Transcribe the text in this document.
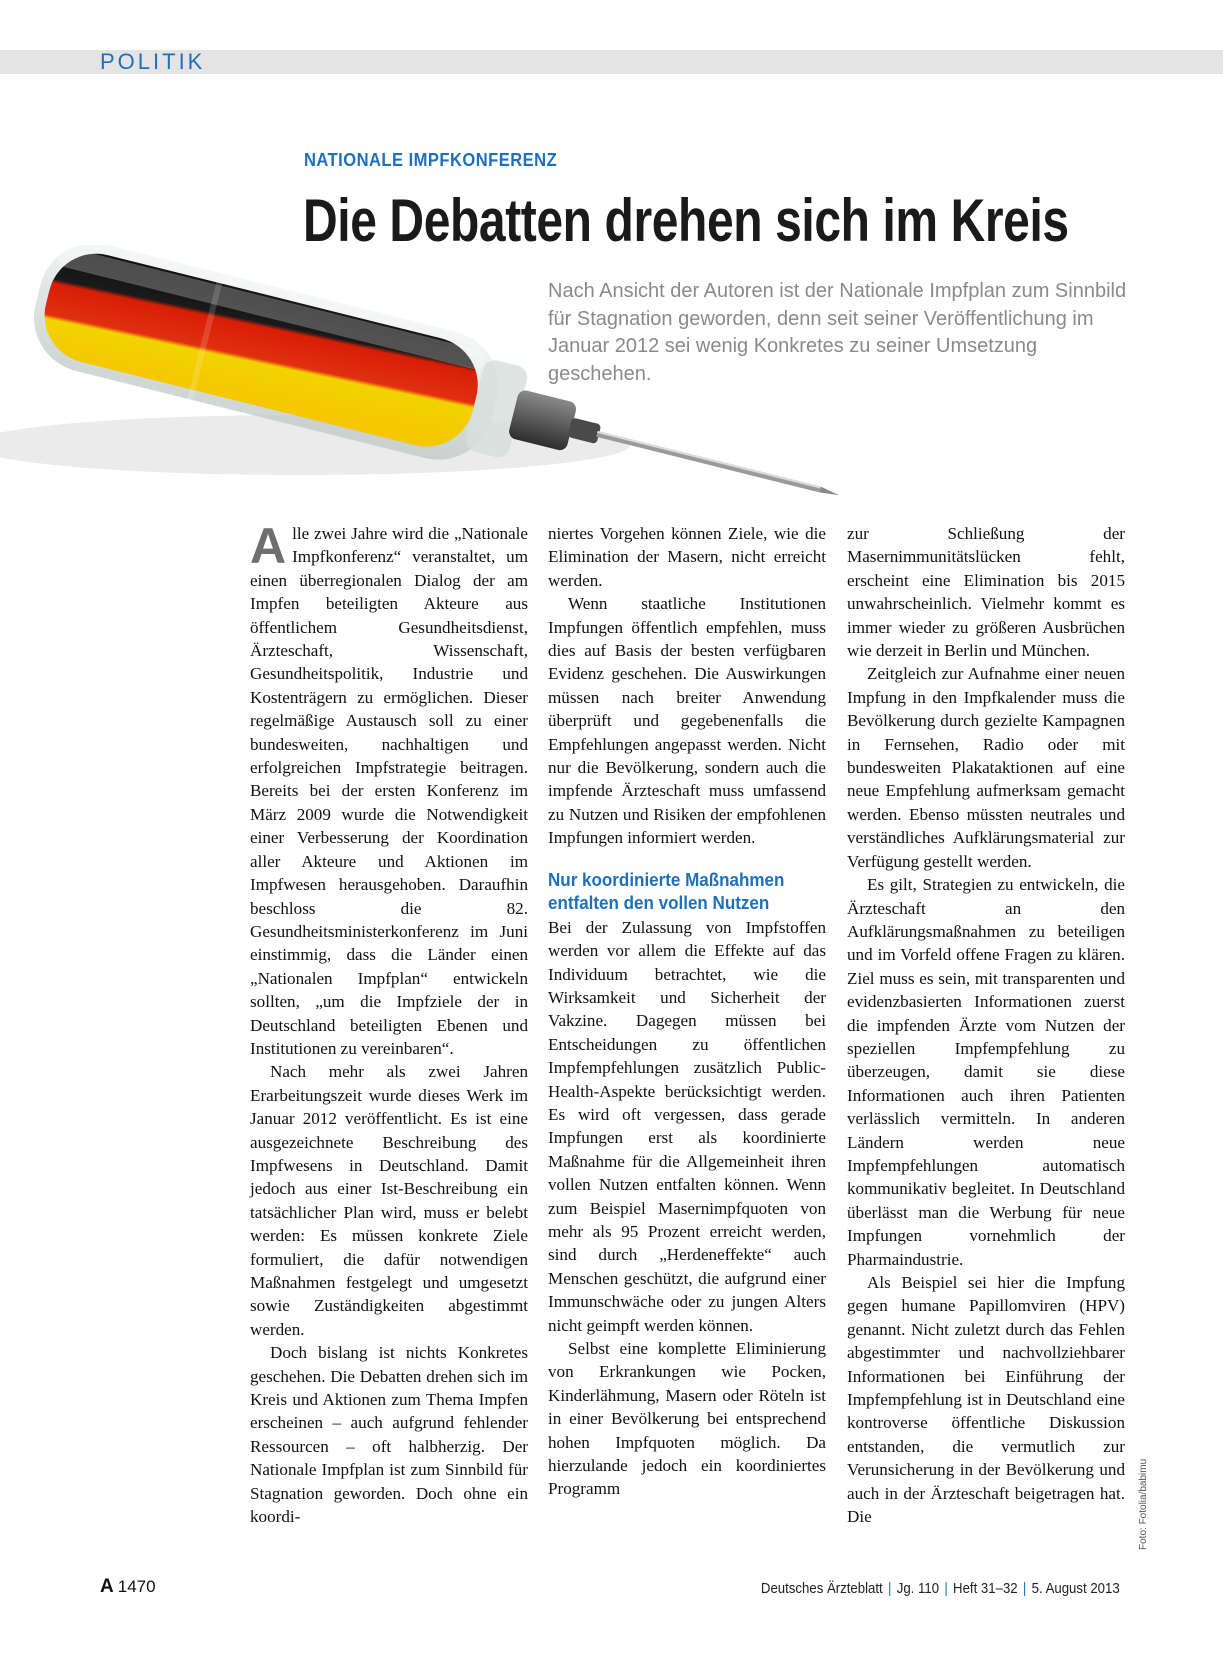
POLITIK
NATIONALE IMPFKONFERENZ
Die Debatten drehen sich im Kreis
Nach Ansicht der Autoren ist der Nationale Impfplan zum Sinnbild für Stagnation geworden, denn seit seiner Veröffentlichung im Januar 2012 sei wenig Konkretes zu seiner Umsetzung geschehen.

Alle zwei Jahre wird die „Nationale Impfkonferenz“ veranstaltet, um einen überregionalen Dialog der am Impfen beteiligten Akteure aus öffentlichem Gesundheitsdienst, Ärzteschaft, Wissenschaft, Gesundheitspolitik, Industrie und Kostenträgern zu ermöglichen. Dieser regelmäßige Austausch soll zu einer bundesweiten, nachhaltigen und erfolgreichen Impfstrategie beitragen. Bereits bei der ersten Konferenz im März 2009 wurde die Notwendigkeit einer Verbesserung der Koordination aller Akteure und Aktionen im Impfwesen herausgehoben. Daraufhin beschloss die 82. Gesundheitsministerkonferenz im Juni einstimmig, dass die Länder einen „Nationalen Impfplan“ entwickeln sollten, „um die Impfziele der in Deutschland beteiligten Ebenen und Institutionen zu vereinbaren“.

Nach mehr als zwei Jahren Erarbeitungszeit wurde dieses Werk im Januar 2012 veröffentlicht. Es ist eine ausgezeichnete Beschreibung des Impfwesens in Deutschland. Damit jedoch aus einer Ist-Beschreibung ein tatsächlicher Plan wird, muss er belebt werden: Es müssen konkrete Ziele formuliert, die dafür notwendigen Maßnahmen festgelegt und umgesetzt sowie Zuständigkeiten abgestimmt werden.

Doch bislang ist nichts Konkretes geschehen. Die Debatten drehen sich im Kreis und Aktionen zum Thema Impfen erscheinen – auch aufgrund fehlender Ressourcen – oft halbherzig. Der Nationale Impfplan ist zum Sinnbild für Stagnation geworden. Doch ohne ein koordi-

niertes Vorgehen können Ziele, wie die Elimination der Masern, nicht erreicht werden.

Wenn staatliche Institutionen Impfungen öffentlich empfehlen, muss dies auf Basis der besten verfügbaren Evidenz geschehen. Die Auswirkungen müssen nach breiter Anwendung überprüft und gegebenenfalls die Empfehlungen angepasst werden. Nicht nur die Bevölkerung, sondern auch die impfende Ärzteschaft muss umfassend zu Nutzen und Risiken der empfohlenen Impfungen informiert werden.

Nur koordinierte Maßnahmen entfalten den vollen Nutzen

Bei der Zulassung von Impfstoffen werden vor allem die Effekte auf das Individuum betrachtet, wie die Wirksamkeit und Sicherheit der Vakzine. Dagegen müssen bei Entscheidungen zu öffentlichen Impfempfehlungen zusätzlich Public-Health-Aspekte berücksichtigt werden. Es wird oft vergessen, dass gerade Impfungen erst als koordinierte Maßnahme für die Allgemeinheit ihren vollen Nutzen entfalten können. Wenn zum Beispiel Masernimpfquoten von mehr als 95 Prozent erreicht werden, sind durch „Herdeneffekte“ auch Menschen geschützt, die aufgrund einer Immunschwäche oder zu jungen Alters nicht geimpft werden können.

Selbst eine komplette Eliminierung von Erkrankungen wie Pocken, Kinderlähmung, Masern oder Röteln ist in einer Bevölkerung bei entsprechend hohen Impfquoten möglich. Da hierzulande jedoch ein koordiniertes Programm

zur Schließung der Masernimmunitätslücken fehlt, erscheint eine Elimination bis 2015 unwahrscheinlich. Vielmehr kommt es immer wieder zu größeren Ausbrüchen wie derzeit in Berlin und München.

Zeitgleich zur Aufnahme einer neuen Impfung in den Impfkalender muss die Bevölkerung durch gezielte Kampagnen in Fernsehen, Radio oder mit bundesweiten Plakataktionen auf eine neue Empfehlung aufmerksam gemacht werden. Ebenso müssten neutrales und verständliches Aufklärungsmaterial zur Verfügung gestellt werden.

Es gilt, Strategien zu entwickeln, die Ärzteschaft an den Aufklärungsmaßnahmen zu beteiligen und im Vorfeld offene Fragen zu klären. Ziel muss es sein, mit transparenten und evidenzbasierten Informationen zuerst die impfenden Ärzte vom Nutzen der speziellen Impfempfehlung zu überzeugen, damit sie diese Informationen auch ihren Patienten verlässlich vermitteln. In anderen Ländern werden neue Impfempfehlungen automatisch kommunikativ begleitet. In Deutschland überlässt man die Werbung für neue Impfungen vornehmlich der Pharmaindustrie.

Als Beispiel sei hier die Impfung gegen humane Papillomviren (HPV) genannt. Nicht zuletzt durch das Fehlen abgestimmter und nachvollziehbarer Informationen bei Einführung der Impfempfehlung ist in Deutschland eine kontroverse öffentliche Diskussion entstanden, die vermutlich zur Verunsicherung in der Bevölkerung und auch in der Ärzteschaft beigetragen hat. Die	Foto: Fotolia/babimu
A 1470	Deutsches Ärzteblatt | Jg. 110 | Heft 31–32 | 5. August 2013
